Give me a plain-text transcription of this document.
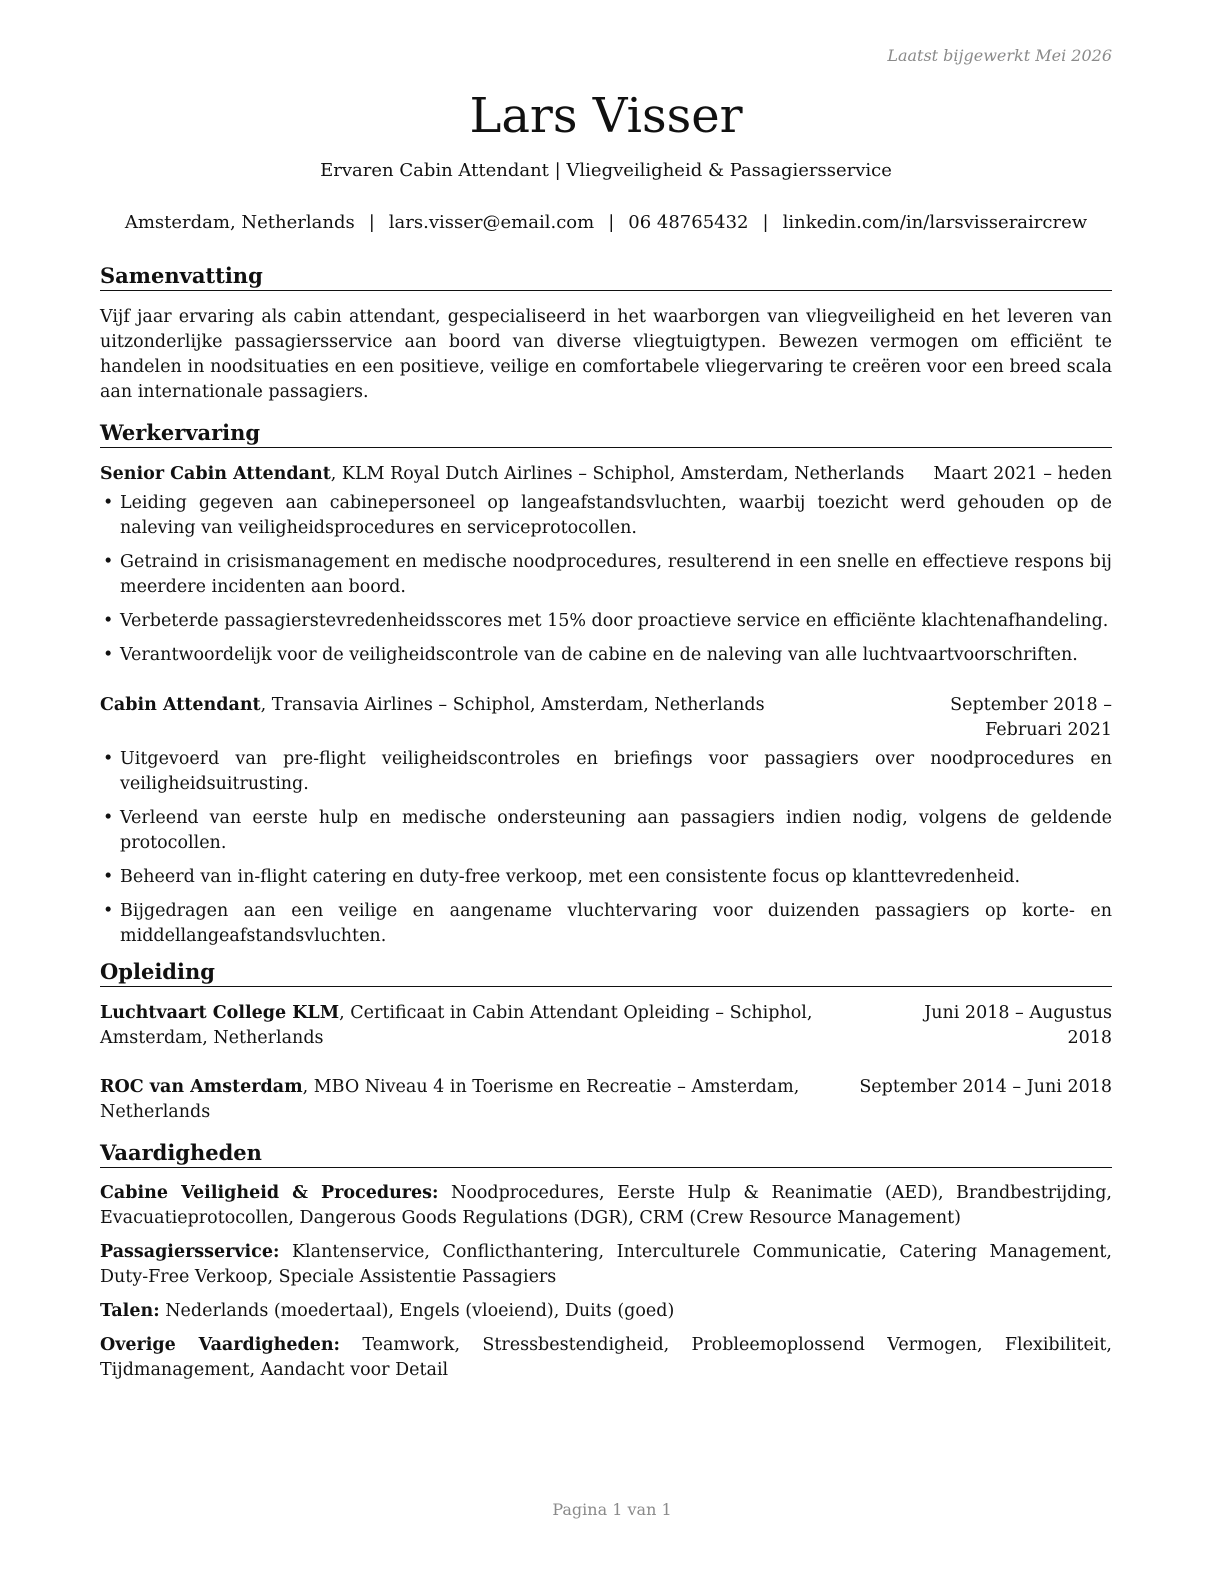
Laatst bijgewerkt Mei 2026
Lars Visser
Ervaren Cabin Attendant | Vliegveiligheid & Passagiersservice
Amsterdam, Netherlands | lars.visser@email.com | 06 48765432 | linkedin.com/in/larsvisseraircrew
Samenvatting

Vijf jaar ervaring als cabin attendant, gespecialiseerd in het waarborgen van vliegveiligheid en het leveren van uitzonderlijke passagiersservice aan boord van diverse vliegtuigtypen. Bewezen vermogen om efficiënt te handelen in noodsituaties en een positieve, veilige en comfortabele vliegervaring te creëren voor een breed scala aan internationale passagiers.

Werkervaring
Senior Cabin Attendant, KLM Royal Dutch Airlines – Schiphol, Amsterdam, Netherlands	Maart 2021 – heden
• Leiding gegeven aan cabinepersoneel op langeafstandsvluchten, waarbij toezicht werd gehouden op de naleving van veiligheidsprocedures en serviceprotocollen.
• Getraind in crisismanagement en medische noodprocedures, resulterend in een snelle en effectieve respons bij meerdere incidenten aan boord.
• Verbeterde passagierstevredenheidsscores met 15% door proactieve service en efficiënte klachtenafhandeling.
• Verantwoordelijk voor de veiligheidscontrole van de cabine en de naleving van alle luchtvaartvoorschriften.
Cabin Attendant, Transavia Airlines – Schiphol, Amsterdam, Netherlands	September 2018 – Februari 2021
• Uitgevoerd van pre-flight veiligheidscontroles en briefings voor passagiers over noodprocedures en veiligheidsuitrusting.
• Verleend van eerste hulp en medische ondersteuning aan passagiers indien nodig, volgens de geldende protocollen.
• Beheerd van in-flight catering en duty-free verkoop, met een consistente focus op klanttevredenheid.
• Bijgedragen aan een veilige en aangename vluchtervaring voor duizenden passagiers op korte- en middellangeafstandsvluchten.
Opleiding
Luchtvaart College KLM, Certificaat in Cabin Attendant Opleiding – Schiphol, Amsterdam, Netherlands
Juni 2018 – Augustus 2018
ROC van Amsterdam, MBO Niveau 4 in Toerisme en Recreatie – Amsterdam, Netherlands
September 2014 – Juni 2018
Vaardigheden

Cabine Veiligheid & Procedures: Noodprocedures, Eerste Hulp & Reanimatie (AED), Brandbestrijding, Evacuatieprotocollen, Dangerous Goods Regulations (DGR), CRM (Crew Resource Management)

Passagiersservice: Klantenservice, Conflicthantering, Interculturele Communicatie, Catering Management, Duty-Free Verkoop, Speciale Assistentie Passagiers

Talen: Nederlands (moedertaal), Engels (vloeiend), Duits (goed)

Overige Vaardigheden: Teamwork, Stressbestendigheid, Probleemoplossend Vermogen, Flexibiliteit, Tijdmanagement, Aandacht voor Detail

Pagina 1 van 1
